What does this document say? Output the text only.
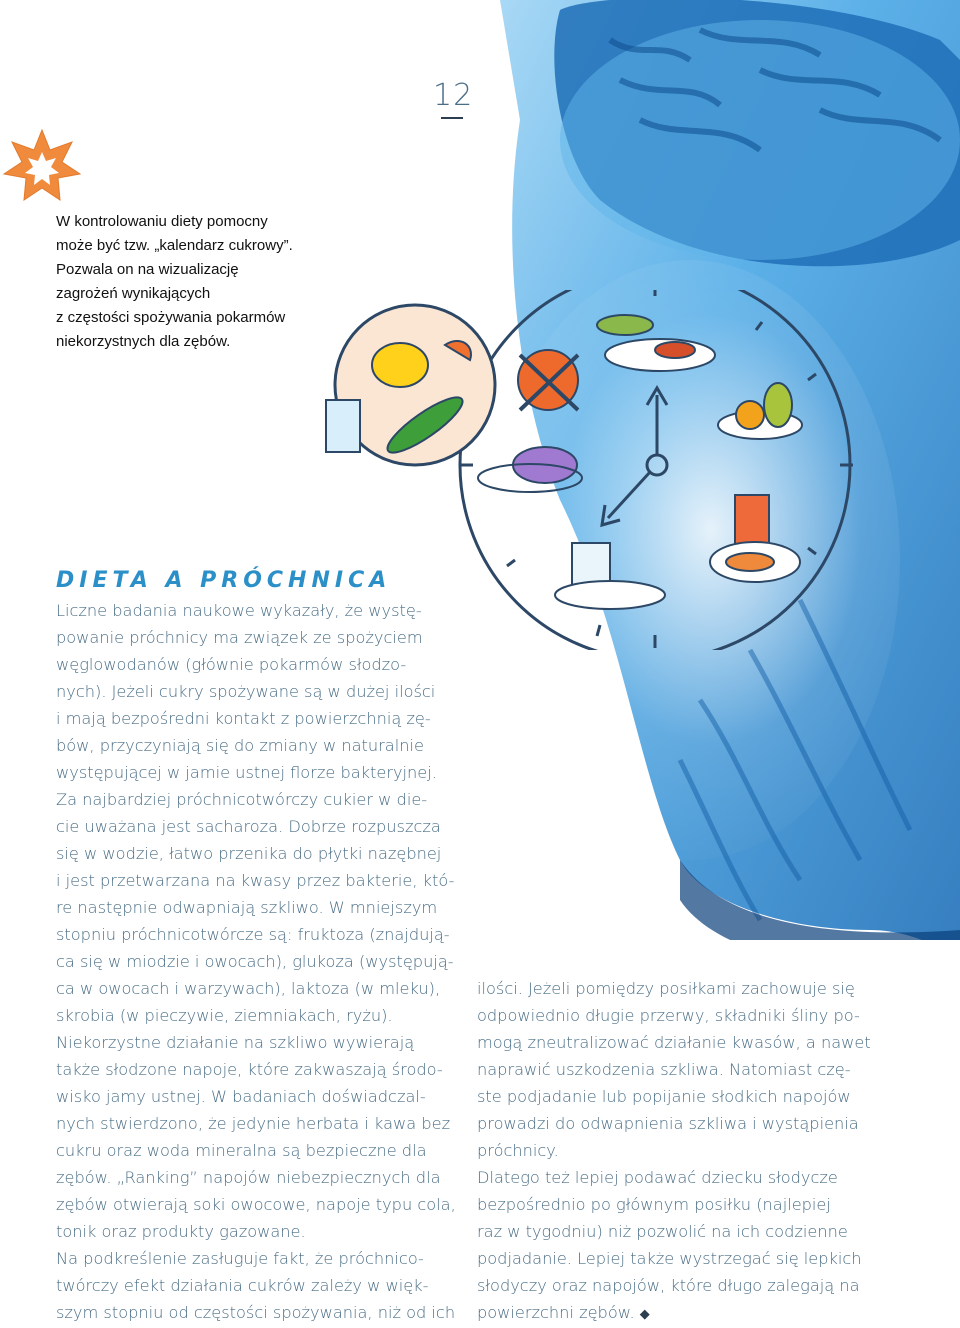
12

W kontrolowaniu diety pomocny

może być tzw. „kalendarz cukrowy”.

Pozwala on na wizualizację

zagrożeń wynikających

z częstości spożywania pokarmów

niekorzystnych dla zębów.

DIETA A PRÓCHNICA

Liczne badania naukowe wykazały, że wystę-

powanie próchnicy ma związek ze spożyciem

węglowodanów (głównie pokarmów słodzo-

nych). Jeżeli cukry spożywane są w dużej ilości

i mają bezpośredni kontakt z powierzchnią zę-

bów, przyczyniają się do zmiany w naturalnie

występującej w jamie ustnej florze bakteryjnej.

Za najbardziej próchnicotwórczy cukier w die-

cie uważana jest sacharoza. Dobrze rozpuszcza

się w wodzie, łatwo przenika do płytki nazębnej

i jest przetwarzana na kwasy przez bakterie, któ-

re następnie odwapniają szkliwo. W mniejszym

stopniu próchnicotwórcze są: fruktoza (znajdują-

ca się w miodzie i owocach), glukoza (występują-

ca w owocach i warzywach), laktoza (w mleku),

skrobia (w pieczywie, ziemniakach, ryżu).

Niekorzystne działanie na szkliwo wywierają

także słodzone napoje, które zakwaszają środo-

wisko jamy ustnej. W badaniach doświadczal-

nych stwierdzono, że jedynie herbata i kawa bez

cukru oraz woda mineralna są bezpieczne dla

zębów. „Ranking” napojów niebezpiecznych dla

zębów otwierają soki owocowe, napoje typu cola,

tonik oraz produkty gazowane.

Na podkreślenie zasługuje fakt, że próchnico-

twórczy efekt działania cukrów zależy w więk-

szym stopniu od częstości spożywania, niż od ich

ilości. Jeżeli pomiędzy posiłkami zachowuje się

odpowiednio długie przerwy, składniki śliny po-

mogą zneutralizować działanie kwasów, a nawet

naprawić uszkodzenia szkliwa. Natomiast czę-

ste podjadanie lub popijanie słodkich napojów

prowadzi do odwapnienia szkliwa i wystąpienia

próchnicy.

Dlatego też lepiej podawać dziecku słodycze

bezpośrednio po głównym posiłku (najlepiej

raz w tygodniu) niż pozwolić na ich codzienne

podjadanie. Lepiej także wystrzegać się lepkich

słodyczy oraz napojów, które długo zalegają na

powierzchni zębów. ◆
